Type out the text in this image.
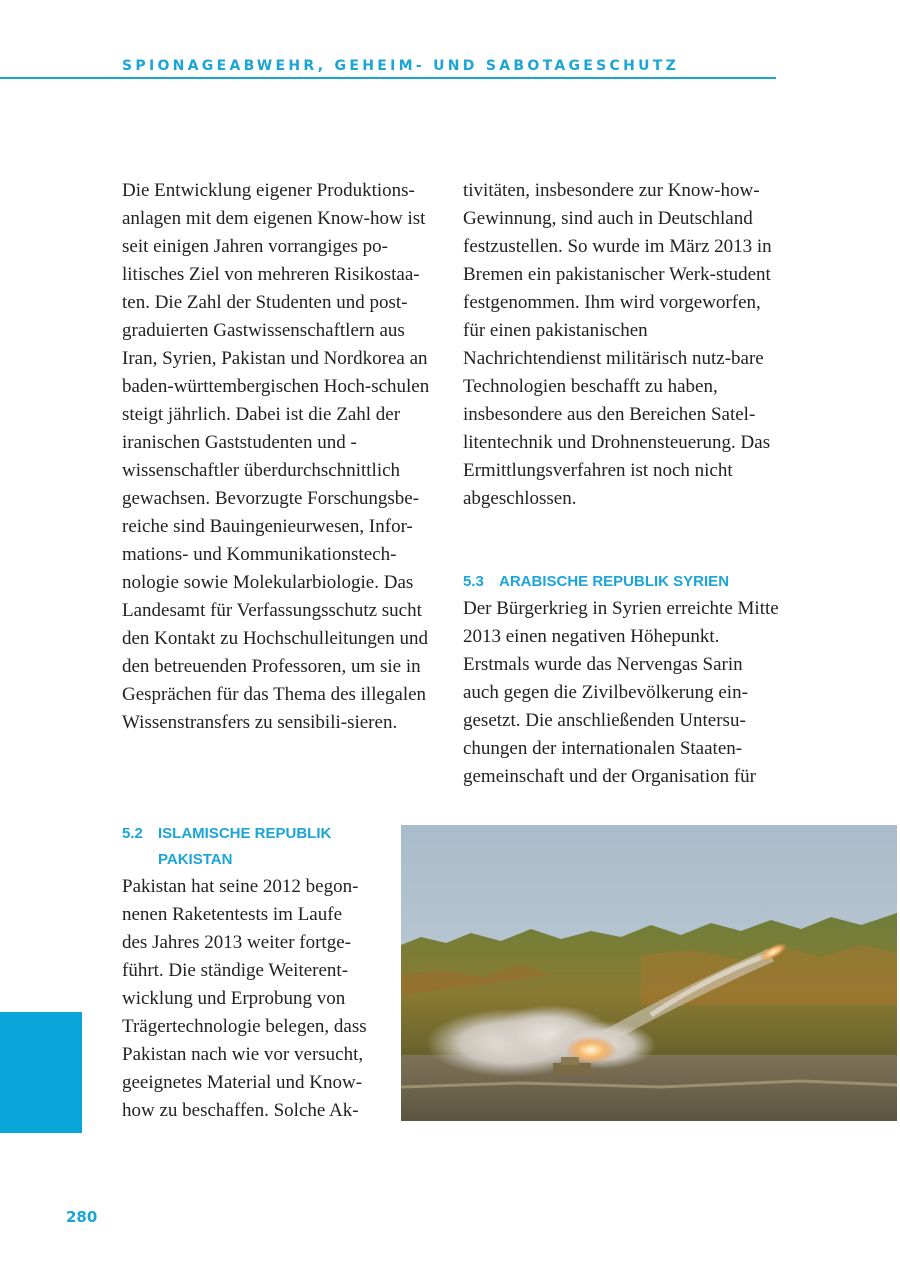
SPIONAGEABWEHR, GEHEIM- UND SABOTAGESCHUTZ

Die Entwicklung eigener Produktions-anlagen mit dem eigenen Know-how ist seit einigen Jahren vorrangiges po-litisches Ziel von mehreren Risikostaa-ten. Die Zahl der Studenten und post-graduierten Gastwissenschaftlern aus Iran, Syrien, Pakistan und Nordkorea an baden-württembergischen Hoch-schulen steigt jährlich. Dabei ist die Zahl der iranischen Gaststudenten und -wissenschaftler überdurchschnittlich gewachsen. Bevorzugte Forschungsbe-reiche sind Bauingenieurwesen, Infor-mations- und Kommunikationstech-nologie sowie Molekularbiologie. Das Landesamt für Verfassungsschutz sucht den Kontakt zu Hochschulleitungen und den betreuenden Professoren, um sie in Gesprächen für das Thema des illegalen Wissenstransfers zu sensibili-sieren.

tivitäten, insbesondere zur Know-how-Gewinnung, sind auch in Deutschland festzustellen. So wurde im März 2013 in Bremen ein pakistanischer Werk-student festgenommen. Ihm wird vorgeworfen, für einen pakistanischen Nachrichtendienst militärisch nutz-bare Technologien beschafft zu haben, insbesondere aus den Bereichen Satel-litentechnik und Drohnensteuerung. Das Ermittlungsverfahren ist noch nicht abgeschlossen.

5.3	ARABISCHE REPUBLIK SYRIEN

Der Bürgerkrieg in Syrien erreichte Mitte 2013 einen negativen Höhepunkt. Erstmals wurde das Nervengas Sarin auch gegen die Zivilbevölkerung ein-gesetzt. Die anschließenden Untersu-chungen der internationalen Staaten-gemeinschaft und der Organisation für

5.2	ISLAMISCHE REPUBLIK PAKISTAN

Pakistan hat seine 2012 begon-nenen Raketentests im Laufe des Jahres 2013 weiter fortge-führt. Die ständige Weiterent-wicklung und Erprobung von Trägertechnologie belegen, dass Pakistan nach wie vor versucht, geeignetes Material und Know-how zu beschaffen. Solche Ak-

280
